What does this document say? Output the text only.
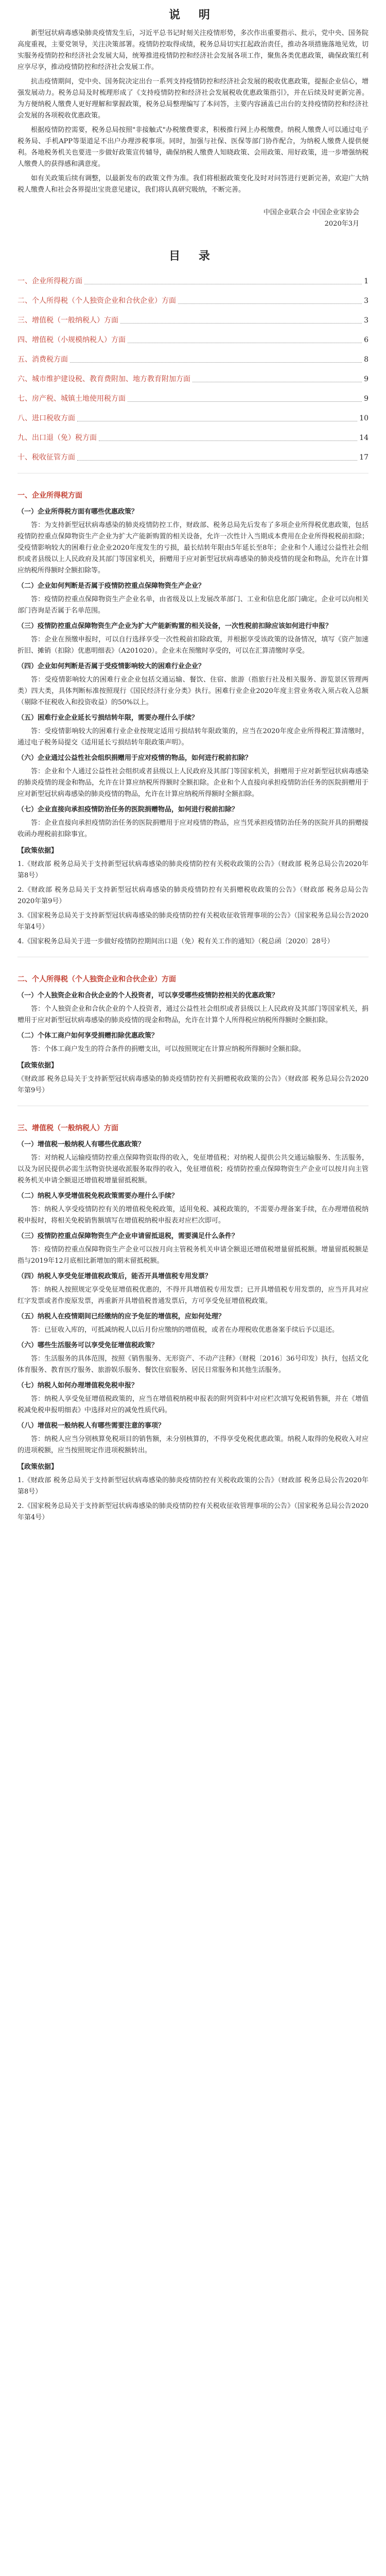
说 明

新型冠状病毒感染肺炎疫情发生后，习近平总书记时刻关注疫情形势，多次作出重要指示、批示，党中央、国务院高度重视，主要党领导，关注决策部署。疫情防控取得成绩，税务总局切实扛起政治责任，推动各项措施落地见效，切实服务疫情防控和经济社会发展大局，统筹推进疫情防控和经济社会发展各项工作，聚焦各类优惠政策，确保政策红利应享尽享，推动疫情防控和经济社会发展工作。

抗击疫情期间，党中央、国务院决定出台一系列支持疫情防控和经济社会发展的税收优惠政策，提振企业信心，增强发展动力。税务总局及时梳理形成了《支持疫情防控和经济社会发展税收优惠政策指引》，并在后续及时更新完善。为方便纳税人缴费人更好理解和掌握政策，税务总局整理编写了本问答，主要内容涵盖已出台的支持疫情防控和经济社会发展的各项税收优惠政策。

根据疫情防控需要，税务总局按照"非接触式"办税缴费要求，积极推行网上办税缴费。纳税人缴费人可以通过电子税务局、手机APP等渠道足不出户办理涉税事项。同时，加强与社保、医保等部门协作配合，为纳税人缴费人提供便利。各地税务机关也要进一步做好政策宣传辅导，确保纳税人缴费人知晓政策、会用政策、用好政策，进一步增强纳税人缴费人的获得感和满意度。

如有关政策后续有调整，以最新发布的政策文件为准。我们将根据政策变化及时对问答进行更新完善，欢迎广大纳税人缴费人和社会各界提出宝贵意见建议，我们将认真研究吸纳，不断完善。

中国企业联合会 中国企业家协会
2020年3月
目 录
一、企业所得税方面	1
二、个人所得税（个人独资企业和合伙企业）方面	3
三、增值税（一般纳税人）方面	3
四、增值税（小规模纳税人）方面	6
五、消费税方面	8
六、城市维护建设税、教育费附加、地方教育附加方面	9
七、房产税、城镇土地使用税方面	9
八、进口税收方面	10
九、出口退（免）税方面	14
十、税收征管方面	17
一、企业所得税方面
（一）企业所得税方面有哪些优惠政策？

答：为支持新型冠状病毒感染的肺炎疫情防控工作，财政部、税务总局先后发布了多项企业所得税优惠政策，包括疫情防控重点保障物资生产企业为扩大产能新购置的相关设备，允许一次性计入当期成本费用在企业所得税税前扣除；受疫情影响较大的困难行业企业2020年度发生的亏损，最长结转年限由5年延长至8年；企业和个人通过公益性社会组织或者县级以上人民政府及其部门等国家机关，捐赠用于应对新型冠状病毒感染的肺炎疫情的现金和物品，允许在计算应纳税所得额时全额扣除等。

（二）企业如何判断是否属于疫情防控重点保障物资生产企业？

答：疫情防控重点保障物资生产企业名单，由省级及以上发展改革部门、工业和信息化部门确定。企业可以向相关部门咨询是否属于名单范围。

（三）疫情防控重点保障物资生产企业为扩大产能新购置的相关设备，一次性税前扣除应该如何进行申报？

答：企业在预缴申报时，可以自行选择享受一次性税前扣除政策，并根据享受该政策的设备情况，填写《资产加速折旧、摊销（扣除）优惠明细表》（A201020）。企业未在预缴时享受的，可以在汇算清缴时享受。

（四）企业如何判断是否属于受疫情影响较大的困难行业企业？

答：受疫情影响较大的困难行业企业包括交通运输、餐饮、住宿、旅游（指旅行社及相关服务、游览景区管理两类）四大类，具体判断标准按照现行《国民经济行业分类》执行。困难行业企业2020年度主营业务收入须占收入总额（剔除不征税收入和投资收益）的50%以上。

（五）困难行业企业延长亏损结转年限，需要办理什么手续？

答：受疫情影响较大的困难行业企业按规定适用亏损结转年限政策的，应当在2020年度企业所得税汇算清缴时，通过电子税务局提交《适用延长亏损结转年限政策声明》。

（六）企业通过公益性社会组织捐赠用于应对疫情的物品，如何进行税前扣除？

答：企业和个人通过公益性社会组织或者县级以上人民政府及其部门等国家机关，捐赠用于应对新型冠状病毒感染的肺炎疫情的现金和物品，允许在计算应纳税所得额时全额扣除。企业和个人直接向承担疫情防治任务的医院捐赠用于应对新型冠状病毒感染的肺炎疫情的物品，允许在计算应纳税所得额时全额扣除。

（七）企业直接向承担疫情防治任务的医院捐赠物品，如何进行税前扣除？

答：企业直接向承担疫情防治任务的医院捐赠用于应对疫情的物品，应当凭承担疫情防治任务的医院开具的捐赠接收函办理税前扣除事宜。

【政策依据】
1.《财政部 税务总局关于支持新型冠状病毒感染的肺炎疫情防控有关税收政策的公告》（财政部 税务总局公告2020年第8号）
2.《财政部 税务总局关于支持新型冠状病毒感染的肺炎疫情防控有关捐赠税收政策的公告》（财政部 税务总局公告2020年第9号）
3.《国家税务总局关于支持新型冠状病毒感染的肺炎疫情防控有关税收征收管理事项的公告》（国家税务总局公告2020年第4号）
4.《国家税务总局关于进一步做好疫情防控期间出口退（免）税有关工作的通知》（税总函〔2020〕28号）
二、个人所得税（个人独资企业和合伙企业）方面
（一）个人独资企业和合伙企业的个人投资者，可以享受哪些疫情防控相关的优惠政策？

答：个人独资企业和合伙企业的个人投资者，通过公益性社会组织或者县级以上人民政府及其部门等国家机关，捐赠用于应对新型冠状病毒感染的肺炎疫情的现金和物品，允许在计算个人所得税应纳税所得额时全额扣除。

（二）个体工商户如何享受捐赠扣除优惠政策？

答：个体工商户发生的符合条件的捐赠支出，可以按照规定在计算应纳税所得额时全额扣除。

【政策依据】
《财政部 税务总局关于支持新型冠状病毒感染的肺炎疫情防控有关捐赠税收政策的公告》（财政部 税务总局公告2020年第9号）
三、增值税（一般纳税人）方面
（一）增值税一般纳税人有哪些优惠政策？

答：对纳税人运输疫情防控重点保障物资取得的收入，免征增值税；对纳税人提供公共交通运输服务、生活服务，以及为居民提供必需生活物资快递收派服务取得的收入，免征增值税；疫情防控重点保障物资生产企业可以按月向主管税务机关申请全额退还增值税增量留抵税额。

（二）纳税人享受增值税免税政策需要办理什么手续？

答：纳税人享受疫情防控有关的增值税免税政策，适用免税、减税政策的，不需要办理备案手续，在办理增值税纳税申报时，将相关免税销售额填写在增值税纳税申报表对应栏次即可。

（三）疫情防控重点保障物资生产企业申请留抵退税，需要满足什么条件？

答：疫情防控重点保障物资生产企业可以按月向主管税务机关申请全额退还增值税增量留抵税额。增量留抵税额是指与2019年12月底相比新增加的期末留抵税额。

（四）纳税人享受免征增值税政策后，能否开具增值税专用发票？

答：纳税人按照规定享受免征增值税优惠的，不得开具增值税专用发票；已开具增值税专用发票的，应当开具对应红字发票或者作废原发票，再重新开具增值税普通发票后，方可享受免征增值税政策。

（五）纳税人在疫情期间已经缴纳的应予免征的增值税，应如何处理？

答：已征收入库的，可抵减纳税人以后月份应缴纳的增值税，或者在办理税收优惠备案手续后予以退还。

（六）哪些生活服务可以享受免征增值税政策？

答：生活服务的具体范围，按照《销售服务、无形资产、不动产注释》（财税〔2016〕36号印发）执行，包括文化体育服务、教育医疗服务、旅游娱乐服务、餐饮住宿服务、居民日常服务和其他生活服务。

（七）纳税人如何办理增值税免税申报？

答：纳税人享受免征增值税政策的，应当在增值税纳税申报表的附列资料中对应栏次填写免税销售额，并在《增值税减免税申报明细表》中选择对应的减免性质代码。

（八）增值税一般纳税人有哪些需要注意的事项？

答：纳税人应当分别核算免税项目的销售额，未分别核算的，不得享受免税优惠政策。纳税人取得的免税收入对应的进项税额，应当按照规定作进项税额转出。

【政策依据】
1.《财政部 税务总局关于支持新型冠状病毒感染的肺炎疫情防控有关税收政策的公告》（财政部 税务总局公告2020年第8号）
2.《国家税务总局关于支持新型冠状病毒感染的肺炎疫情防控有关税收征收管理事项的公告》（国家税务总局公告2020年第4号）
